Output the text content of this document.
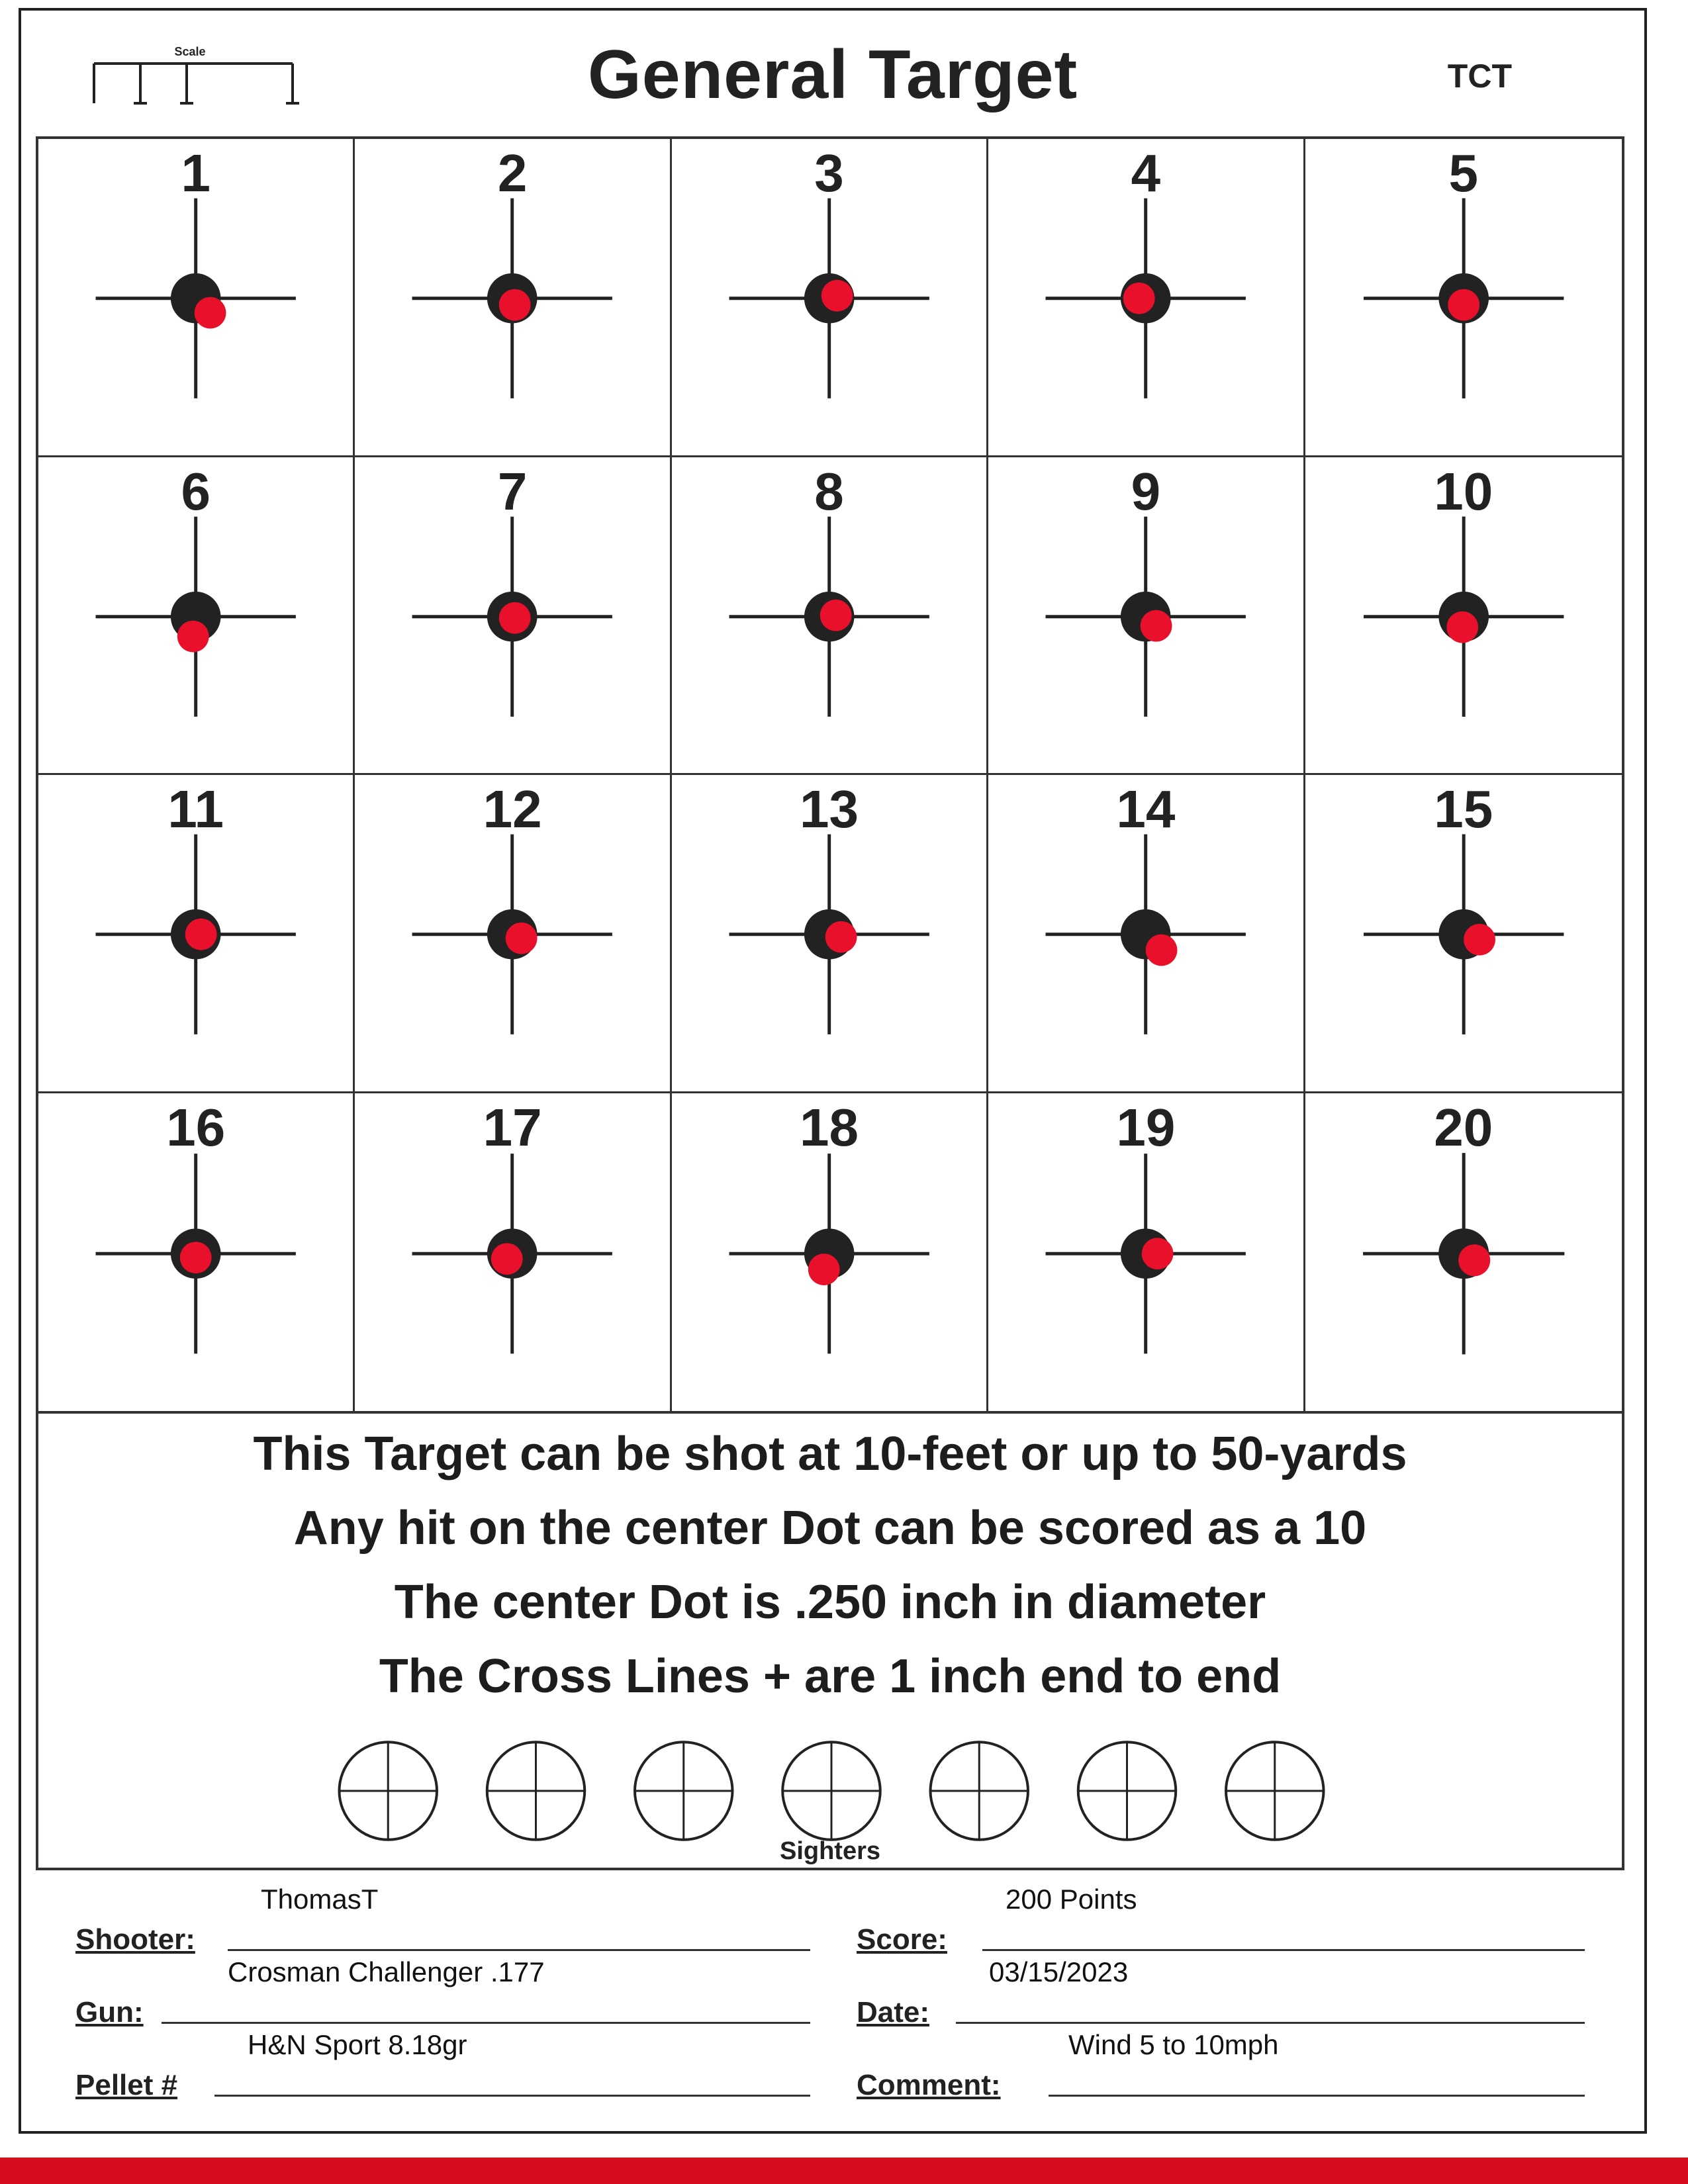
Scale	General Target	TCT
1	2	3	4	5
6	7	8	9	10
11	12	13	14	15
16	17	18	19	20
This Target can be shot at 10-feet or up to 50-yards
Any hit on the center Dot can be scored as a 10
The center Dot is .250 inch in diameter
The Cross Lines + are 1 inch end to end
Sighters
Shooter:
ThomasT
Gun:
Crosman Challenger .177
Pellet #
H&N Sport 8.18gr
Score:
200 Points
Date:
03/15/2023
Comment:
Wind 5 to 10mph
